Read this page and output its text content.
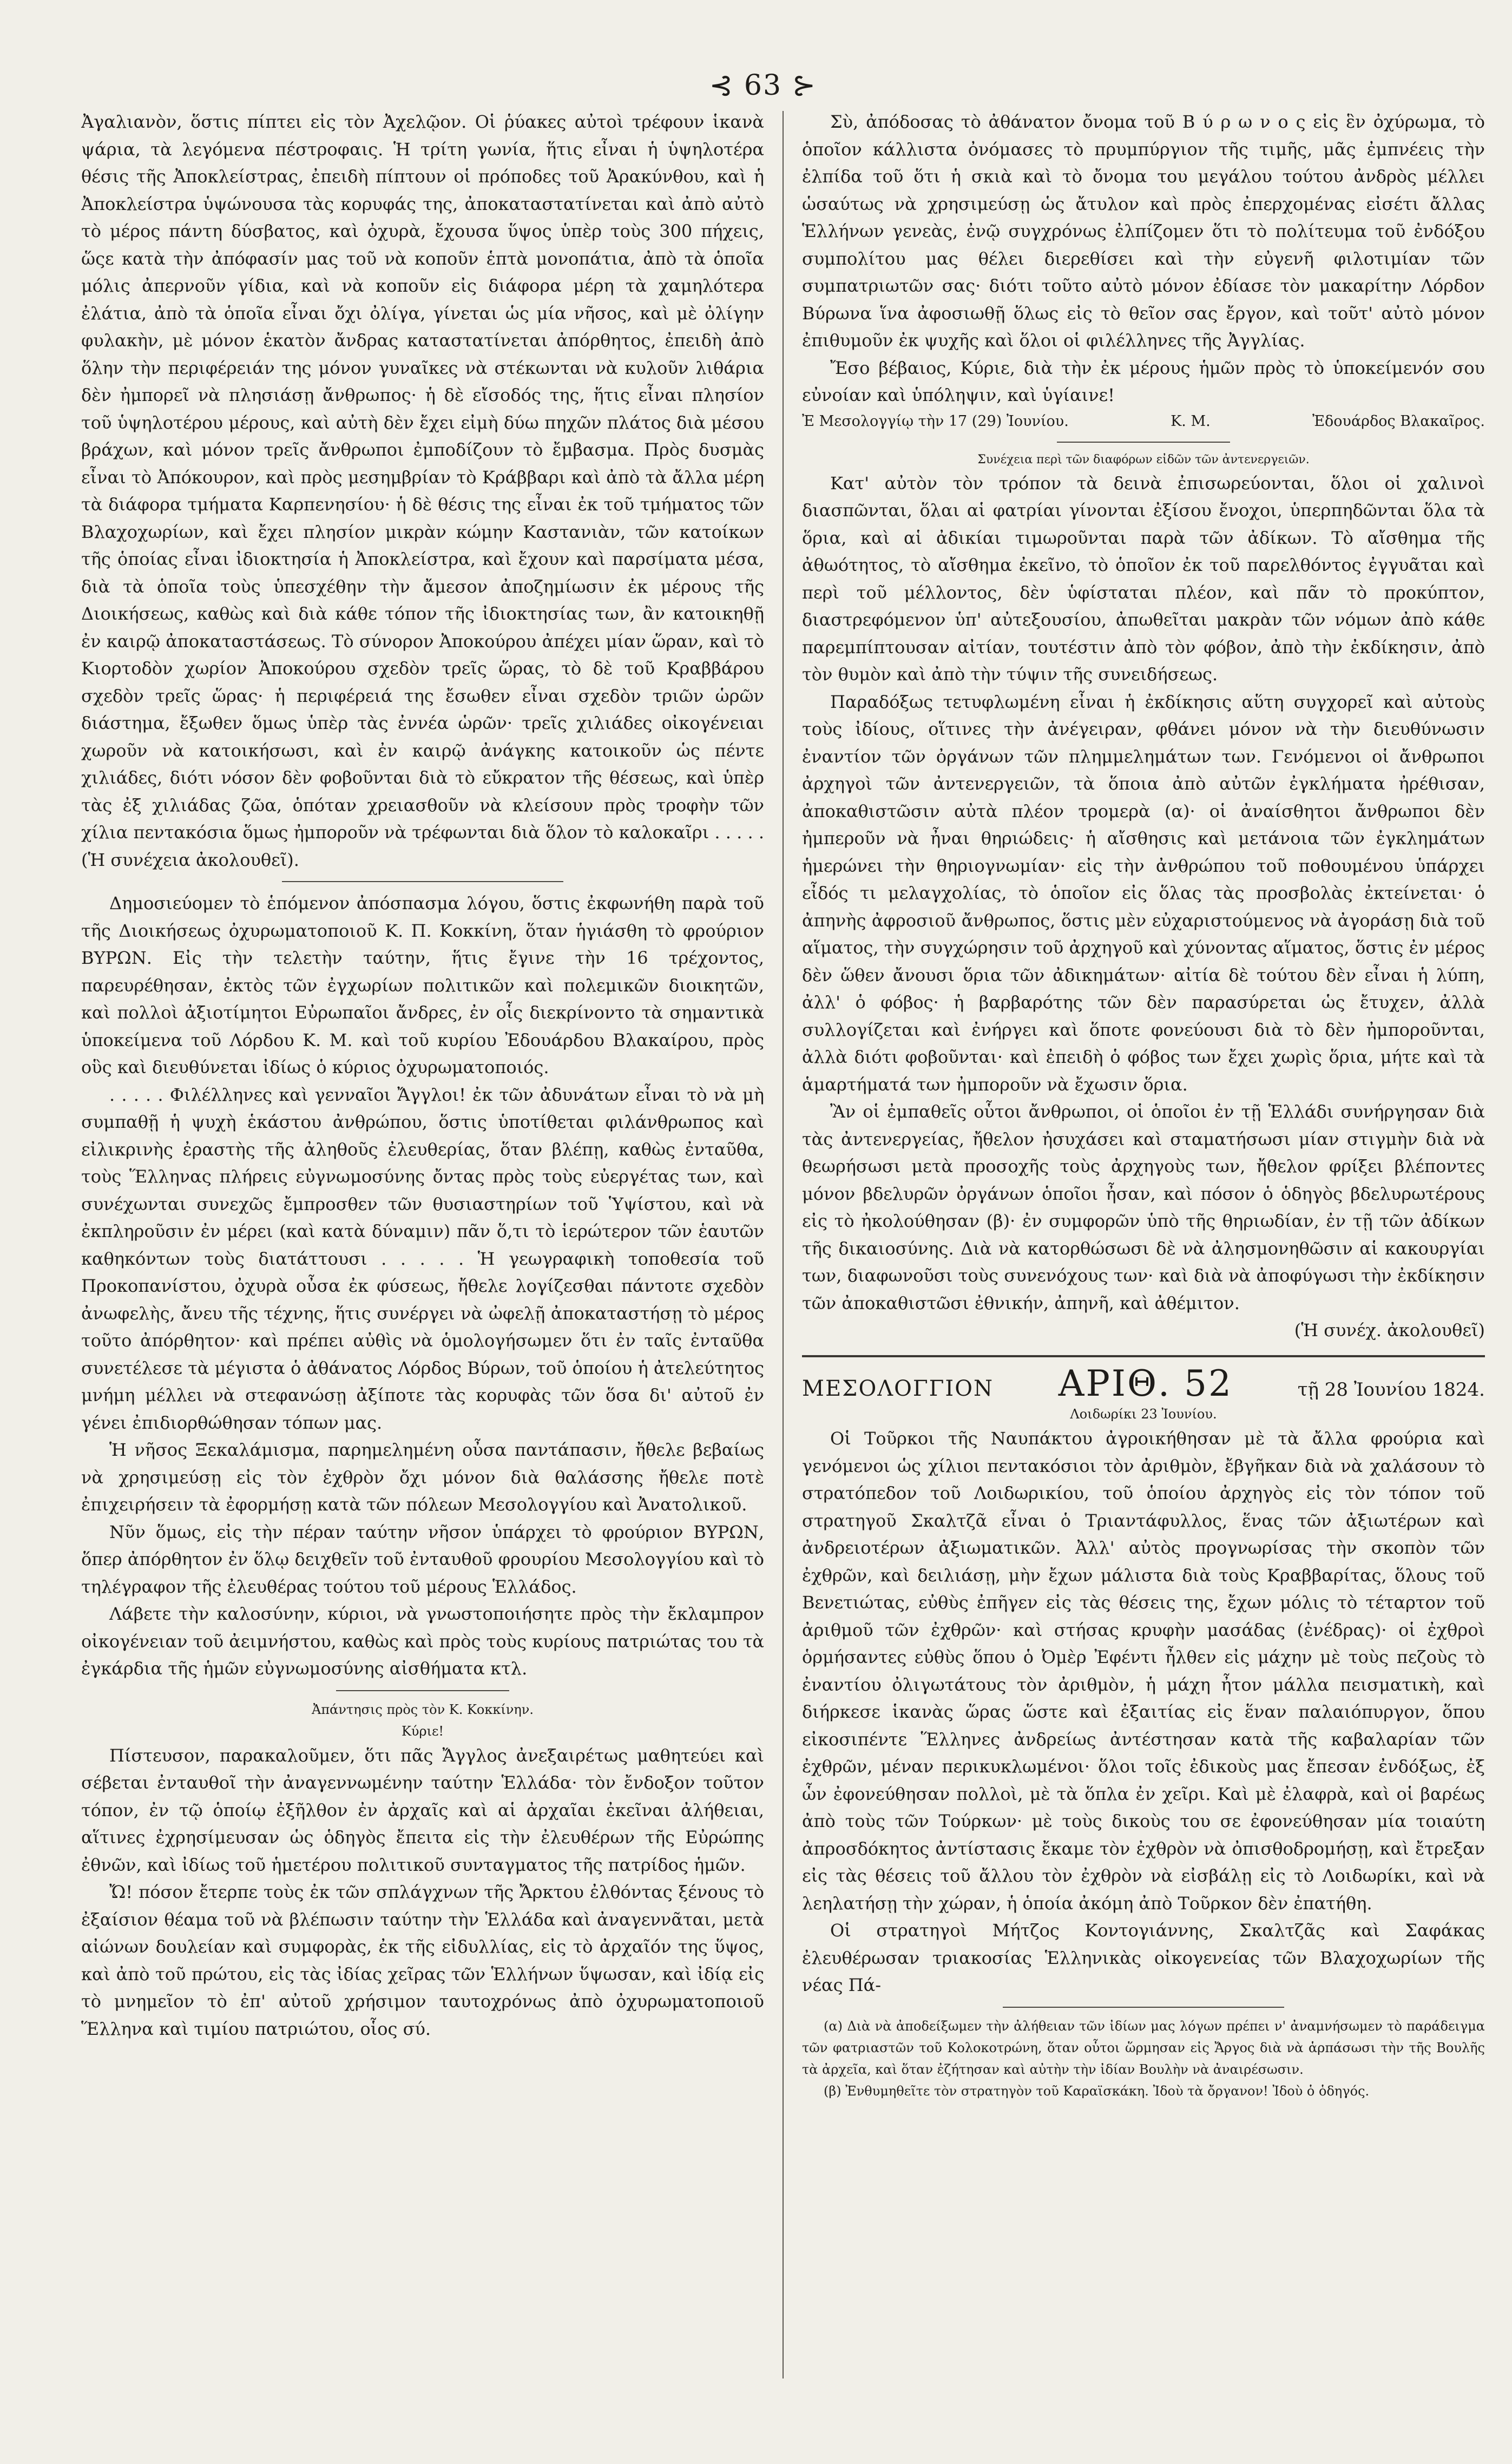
⊰ 63 ⊱

Ἀγαλιανὸν, ὅστις πίπτει εἰς τὸν Ἀχελῷον. Οἱ ῥύακες αὐτοὶ τρέφουν ἱκανὰ ψάρια, τὰ λεγόμενα πέστροφαις. Ἡ τρίτη γωνία, ἥτις εἶναι ἡ ὑψηλοτέρα θέσις τῆς Ἀποκλείστρας, ἐπειδὴ πίπτουν οἱ πρόποδες τοῦ Ἀρακύνθου, καὶ ἡ Ἀποκλείστρα ὑψώνουσα τὰς κορυφάς της, ἀποκαταστατίνεται καὶ ἀπὸ αὐτὸ τὸ μέρος πάντη δύσβατος, καὶ ὀχυρὰ, ἔχουσα ὕψος ὑπὲρ τοὺς 300 πήχεις, ὥςε κατὰ τὴν ἀπόφασίν μας τοῦ νὰ κοποῦν ἑπτὰ μονοπάτια, ἀπὸ τὰ ὁποῖα μόλις ἀπερνοῦν γίδια, καὶ νὰ κοποῦν εἰς διάφορα μέρη τὰ χαμηλότερα ἐλάτια, ἀπὸ τὰ ὁποῖα εἶναι ὄχι ὀλίγα, γίνεται ὡς μία νῆσος, καὶ μὲ ὀλίγην φυλακὴν, μὲ μόνον ἑκατὸν ἄνδρας καταστατίνεται ἀπόρθητος, ἐπειδὴ ἀπὸ ὅλην τὴν περιφέρειάν της μόνον γυναῖκες νὰ στέκωνται νὰ κυλοῦν λιθάρια δὲν ἠμπορεῖ νὰ πλησιάσῃ ἄνθρωπος· ἡ δὲ εἴσοδός της, ἥτις εἶναι πλησίον τοῦ ὑψηλοτέρου μέρους, καὶ αὐτὴ δὲν ἔχει εἰμὴ δύω πηχῶν πλάτος διὰ μέσου βράχων, καὶ μόνον τρεῖς ἄνθρωποι ἐμποδίζουν τὸ ἔμβασμα. Πρὸς δυσμὰς εἶναι τὸ Ἀπόκουρον, καὶ πρὸς μεσημβρίαν τὸ Κράββαρι καὶ ἀπὸ τὰ ἄλλα μέρη τὰ διάφορα τμήματα Καρπενησίου· ἡ δὲ θέσις της εἶναι ἐκ τοῦ τμήματος τῶν Βλαχοχωρίων, καὶ ἔχει πλησίον μικρὰν κώμην Καστανιὰν, τῶν κατοίκων τῆς ὁποίας εἶναι ἰδιοκτησία ἡ Ἀποκλείστρα, καὶ ἔχουν καὶ παρσίματα μέσα, διὰ τὰ ὁποῖα τοὺς ὑπεσχέθην τὴν ἄμεσον ἀποζημίωσιν ἐκ μέρους τῆς Διοικήσεως, καθὼς καὶ διὰ κάθε τόπον τῆς ἰδιοκτησίας των, ἂν κατοικηθῇ ἐν καιρῷ ἀποκαταστάσεως. Τὸ σύνορον Ἀποκούρου ἀπέχει μίαν ὥραν, καὶ τὸ Κιορτοδὸν χωρίον Ἀποκούρου σχεδὸν τρεῖς ὥρας, τὸ δὲ τοῦ Κραββάρου σχεδὸν τρεῖς ὥρας· ἡ περιφέρειά της ἔσωθεν εἶναι σχεδὸν τριῶν ὡρῶν διάστημα, ἔξωθεν ὅμως ὑπὲρ τὰς ἐννέα ὡρῶν· τρεῖς χιλιάδες οἰκογένειαι χωροῦν νὰ κατοικήσωσι, καὶ ἐν καιρῷ ἀνάγκης κατοικοῦν ὡς πέντε χιλιάδες, διότι νόσον δὲν φοβοῦνται διὰ τὸ εὔκρατον τῆς θέσεως, καὶ ὑπὲρ τὰς ἐξ χιλιάδας ζῶα, ὁπόταν χρειασθοῦν νὰ κλείσουν πρὸς τροφὴν τῶν χίλια πεντακόσια ὅμως ἠμποροῦν νὰ τρέφωνται διὰ ὅλον τὸ καλοκαῖρι . . . . . (Ἡ συνέχεια ἀκολουθεῖ).

Δημοσιεύομεν τὸ ἑπόμενον ἀπόσπασμα λόγου, ὅστις ἐκφωνήθη παρὰ τοῦ τῆς Διοικήσεως ὀχυρωματοποιοῦ Κ. Π. Κοκκίνη, ὅταν ἡγιάσθη τὸ φρούριον ΒΥΡΩΝ. Εἰς τὴν τελετὴν ταύτην, ἥτις ἔγινε τὴν 16 τρέχοντος, παρευρέθησαν, ἐκτὸς τῶν ἐγχωρίων πολιτικῶν καὶ πολεμικῶν διοικητῶν, καὶ πολλοὶ ἀξιοτίμητοι Εὐρωπαῖοι ἄνδρες, ἐν οἷς διεκρίνοντο τὰ σημαντικὰ ὑποκείμενα τοῦ Λόρδου Κ. Μ. καὶ τοῦ κυρίου Ἐδουάρδου Βλακαίρου, πρὸς οὓς καὶ διευθύνεται ἰδίως ὁ κύριος ὀχυρωματοποιός.

. . . . . Φιλέλληνες καὶ γενναῖοι Ἄγγλοι! ἐκ τῶν ἀδυνάτων εἶναι τὸ νὰ μὴ συμπαθῇ ἡ ψυχὴ ἑκάστου ἀνθρώπου, ὅστις ὑποτίθεται φιλάνθρωπος καὶ εἰλικρινὴς ἐραστὴς τῆς ἀληθοῦς ἐλευθερίας, ὅταν βλέπῃ, καθὼς ἐνταῦθα, τοὺς Ἕλληνας πλήρεις εὐγνωμοσύνης ὄντας πρὸς τοὺς εὐεργέτας των, καὶ συνέχωνται συνεχῶς ἔμπροσθεν τῶν θυσιαστηρίων τοῦ Ὑψίστου, καὶ νὰ ἐκπληροῦσιν ἐν μέρει (καὶ κατὰ δύναμιν) πᾶν ὅ,τι τὸ ἱερώτερον τῶν ἑαυτῶν καθηκόντων τοὺς διατάττουσι . . . . . Ἡ γεωγραφικὴ τοποθεσία τοῦ Προκοπανίστου, ὀχυρὰ οὖσα ἐκ φύσεως, ἤθελε λογίζεσθαι πάντοτε σχεδὸν ἀνωφελὴς, ἄνευ τῆς τέχνης, ἥτις συνέργει νὰ ὠφελῇ ἀποκαταστήσῃ τὸ μέρος τοῦτο ἀπόρθητον· καὶ πρέπει αὐθὶς νὰ ὁμολογήσωμεν ὅτι ἐν ταῖς ἐνταῦθα συνετέλεσε τὰ μέγιστα ὁ ἀθάνατος Λόρδος Βύρων, τοῦ ὁποίου ἡ ἀτελεύτητος μνήμη μέλλει νὰ στεφανώσῃ ἀξίποτε τὰς κορυφὰς τῶν ὅσα δι' αὐτοῦ ἐν γένει ἐπιδιορθώθησαν τόπων μας.

Ἡ νῆσος Ξεκαλάμισμα, παρημελημένη οὖσα παντάπασιν, ἤθελε βεβαίως νὰ χρησιμεύσῃ εἰς τὸν ἐχθρὸν ὄχι μόνον διὰ θαλάσσης ἤθελε ποτὲ ἐπιχειρήσειν τὰ ἐφορμήσῃ κατὰ τῶν πόλεων Μεσολογγίου καὶ Ἀνατολικοῦ.

Νῦν ὅμως, εἰς τὴν πέραν ταύτην νῆσον ὑπάρχει τὸ φρούριον ΒΥΡΩΝ, ὅπερ ἀπόρθητον ἐν ὅλῳ δειχθεῖν τοῦ ἐνταυθοῦ φρουρίου Μεσολογγίου καὶ τὸ τηλέγραφον τῆς ἐλευθέρας τούτου τοῦ μέρους Ἑλλάδος.

Λάβετε τὴν καλοσύνην, κύριοι, νὰ γνωστοποιήσητε πρὸς τὴν ἔκλαμπρον οἰκογένειαν τοῦ ἀειμνήστου, καθὼς καὶ πρὸς τοὺς κυρίους πατριώτας του τὰ ἐγκάρδια τῆς ἡμῶν εὐγνωμοσύνης αἰσθήματα κτλ.

Ἀπάντησις πρὸς τὸν Κ. Κοκκίνην.

Κύριε!

Πίστευσον, παρακαλοῦμεν, ὅτι πᾶς Ἄγγλος ἀνεξαιρέτως μαθητεύει καὶ σέβεται ἐνταυθοῖ τὴν ἀναγεννωμένην ταύτην Ἑλλάδα· τὸν ἔνδοξον τοῦτον τόπον, ἐν τῷ ὁποίῳ ἐξῆλθον ἐν ἀρχαῖς καὶ αἱ ἀρχαῖαι ἐκεῖναι ἀλήθειαι, αἵτινες ἐχρησίμευσαν ὡς ὁδηγὸς ἔπειτα εἰς τὴν ἐλευθέρων τῆς Εὐρώπης ἐθνῶν, καὶ ἰδίως τοῦ ἡμετέρου πολιτικοῦ συνταγματος τῆς πατρίδος ἡμῶν.

Ὤ! πόσον ἔτερπε τοὺς ἐκ τῶν σπλάγχνων τῆς Ἄρκτου ἐλθόντας ξένους τὸ ἐξαίσιον θέαμα τοῦ νὰ βλέπωσιν ταύτην τὴν Ἑλλάδα καὶ ἀναγεννᾶται, μετὰ αἰώνων δουλείαν καὶ συμφορὰς, ἐκ τῆς εἰδυλλίας, εἰς τὸ ἀρχαῖόν της ὕψος, καὶ ἀπὸ τοῦ πρώτου, εἰς τὰς ἰδίας χεῖρας τῶν Ἑλλήνων ὕψωσαν, καὶ ἰδίᾳ εἰς τὸ μνημεῖον τὸ ἐπ' αὐτοῦ χρήσιμον ταυτοχρόνως ἀπὸ ὀχυρωματοποιοῦ Ἕλληνα καὶ τιμίου πατριώτου, οἷος σύ.

Σὺ, ἀπόδοσας τὸ ἀθάνατον ὄνομα τοῦ Β ύ ρ ω ν ο ς εἰς ἓν ὀχύρωμα, τὸ ὁποῖον κάλλιστα ὀνόμασες τὸ πρυμπύργιον τῆς τιμῆς, μᾶς ἐμπνέεις τὴν ἐλπίδα τοῦ ὅτι ἡ σκιὰ καὶ τὸ ὄνομα του μεγάλου τούτου ἀνδρὸς μέλλει ὡσαύτως νὰ χρησιμεύσῃ ὡς ἄτυλον καὶ πρὸς ἐπερχομένας εἰσέτι ἄλλας Ἑλλήνων γενεὰς, ἐνῷ συγχρόνως ἐλπίζομεν ὅτι τὸ πολίτευμα τοῦ ἐνδόξου συμπολίτου μας θέλει διερεθίσει καὶ τὴν εὐγενῆ φιλοτιμίαν τῶν συμπατριωτῶν σας· διότι τοῦτο αὐτὸ μόνον ἐδίασε τὸν μακαρίτην Λόρδον Βύρωνα ἵνα ἀφοσιωθῇ ὅλως εἰς τὸ θεῖον σας ἔργον, καὶ τοῦτ' αὐτὸ μόνον ἐπιθυμοῦν ἐκ ψυχῆς καὶ ὅλοι οἱ φιλέλληνες τῆς Ἀγγλίας.

Ἔσο βέβαιος, Κύριε, διὰ τὴν ἐκ μέρους ἡμῶν πρὸς τὸ ὑποκείμενόν σου εὐνοίαν καὶ ὑπόληψιν, καὶ ὑγίαινε!

Ἐ Μεσολογγίῳ τὴν 17 (29) Ἰουνίου.	Κ. Μ.	Ἐδουάρδος Βλακαῖρος.

Συνέχεια περὶ τῶν διαφόρων εἰδῶν τῶν ἀντενεργειῶν.

Κατ' αὐτὸν τὸν τρόπον τὰ δεινὰ ἐπισωρεύονται, ὅλοι οἱ χαλινοὶ διασπῶνται, ὅλαι αἱ φατρίαι γίνονται ἐξίσου ἔνοχοι, ὑπερπηδῶνται ὅλα τὰ ὅρια, καὶ αἱ ἀδικίαι τιμωροῦνται παρὰ τῶν ἀδίκων. Τὸ αἴσθημα τῆς ἀθωότητος, τὸ αἴσθημα ἐκεῖνο, τὸ ὁποῖον ἐκ τοῦ παρελθόντος ἐγγυᾶται καὶ περὶ τοῦ μέλλοντος, δὲν ὑφίσταται πλέον, καὶ πᾶν τὸ προκύπτον, διαστρεφόμενον ὑπ' αὐτεξουσίου, ἀπωθεῖται μακρὰν τῶν νόμων ἀπὸ κάθε παρεμπίπτουσαν αἰτίαν, τουτέστιν ἀπὸ τὸν φόβον, ἀπὸ τὴν ἐκδίκησιν, ἀπὸ τὸν θυμὸν καὶ ἀπὸ τὴν τύψιν τῆς συνειδήσεως.

Παραδόξως τετυφλωμένη εἶναι ἡ ἐκδίκησις αὕτη συγχορεῖ καὶ αὐτοὺς τοὺς ἰδίους, οἵτινες τὴν ἀνέγειραν, φθάνει μόνον νὰ τὴν διευθύνωσιν ἐναντίον τῶν ὀργάνων τῶν πλημμελημάτων των. Γενόμενοι οἱ ἄνθρωποι ἀρχηγοὶ τῶν ἀντενεργειῶν, τὰ ὅποια ἀπὸ αὐτῶν ἐγκλήματα ἠρέθισαν, ἀποκαθιστῶσιν αὐτὰ πλέον τρομερὰ (α)· οἱ ἀναίσθητοι ἄνθρωποι δὲν ἠμπεροῦν νὰ ἦναι θηριώδεις· ἡ αἴσθησις καὶ μετάνοια τῶν ἐγκλημάτων ἡμερώνει τὴν θηριογνωμίαν· εἰς τὴν ἀνθρώπου τοῦ ποθουμένου ὑπάρχει εἶδός τι μελαγχολίας, τὸ ὁποῖον εἰς ὅλας τὰς προσβολὰς ἐκτείνεται· ὁ ἀπηνὴς ἀφροσιοῦ ἄνθρωπος, ὅστις μὲν εὐχαριστούμενος νὰ ἀγοράσῃ διὰ τοῦ αἵματος, τὴν συγχώρησιν τοῦ ἀρχηγοῦ καὶ χύνοντας αἵματος, ὅστις ἐν μέρος δὲν ὥθεν ἄνουσι ὅρια τῶν ἀδικημάτων· αἰτία δὲ τούτου δὲν εἶναι ἡ λύπη, ἀλλ' ὁ φόβος· ἡ βαρβαρότης τῶν δὲν παρασύρεται ὡς ἔτυχεν, ἀλλὰ συλλογίζεται καὶ ἐνήργει καὶ ὅποτε φονεύουσι διὰ τὸ δὲν ἠμποροῦνται, ἀλλὰ διότι φοβοῦνται· καὶ ἐπειδὴ ὁ φόβος των ἔχει χωρὶς ὅρια, μήτε καὶ τὰ ἁμαρτήματά των ἠμποροῦν νὰ ἔχωσιν ὅρια.

Ἂν οἱ ἐμπαθεῖς οὗτοι ἄνθρωποι, οἱ ὁποῖοι ἐν τῇ Ἑλλάδι συνήργησαν διὰ τὰς ἀντενεργείας, ἤθελον ἠσυχάσει καὶ σταματήσωσι μίαν στιγμὴν διὰ νὰ θεωρήσωσι μετὰ προσοχῆς τοὺς ἀρχηγοὺς των, ἤθελον φρίξει βλέποντες μόνον βδελυρῶν ὀργάνων ὁποῖοι ἦσαν, καὶ πόσον ὁ ὁδηγὸς βδελυρωτέρους εἰς τὸ ἠκολούθησαν (β)· ἐν συμφορῶν ὑπὸ τῆς θηριωδίαν, ἐν τῇ τῶν ἀδίκων τῆς δικαιοσύνης. Διὰ νὰ κατορθώσωσι δὲ νὰ ἀλησμονηθῶσιν αἱ κακουργίαι των, διαφωνοῦσι τοὺς συνενόχους των· καὶ διὰ νὰ ἀποφύγωσι τὴν ἐκδίκησιν τῶν ἀποκαθιστῶσι ἐθνικήν, ἀπηνῆ, καὶ ἀθέμιτον.

(Ἡ συνέχ. ἀκολουθεῖ)

ΜΕΣΟΛΟΓΓΙΟΝ ΑΡΙΘ. 52	τῇ 28 Ἰουνίου 1824.

Λοιδωρίκι 23 Ἰουνίου.

Οἱ Τοῦρκοι τῆς Ναυπάκτου ἀγροικήθησαν μὲ τὰ ἄλλα φρούρια καὶ γενόμενοι ὡς χίλιοι πεντακόσιοι τὸν ἀριθμὸν, ἔβγῆκαν διὰ νὰ χαλάσουν τὸ στρατόπεδον τοῦ Λοιδωρικίου, τοῦ ὁποίου ἀρχηγὸς εἰς τὸν τόπον τοῦ στρατηγοῦ Σκαλτζᾶ εἶναι ὁ Τριαντάφυλλος, ἕνας τῶν ἀξιωτέρων καὶ ἀνδρειοτέρων ἀξιωματικῶν. Ἀλλ' αὐτὸς προγνωρίσας τὴν σκοπὸν τῶν ἐχθρῶν, καὶ δειλιάσῃ, μὴν ἔχων μάλιστα διὰ τοὺς Κραββαρίτας, ὅλους τοῦ Βενετιώτας, εὐθὺς ἐπῆγεν εἰς τὰς θέσεις της, ἔχων μόλις τὸ τέταρτον τοῦ ἀριθμοῦ τῶν ἐχθρῶν· καὶ στήσας κρυφὴν μασάδας (ἐνέδρας)· οἱ ἐχθροὶ ὁρμήσαντες εὐθὺς ὅπου ὁ Ὀμὲρ Ἐφέντι ἦλθεν εἰς μάχην μὲ τοὺς πεζοὺς τὸ ἐναντίου ὀλιγωτάτους τὸν ἀριθμὸν, ἡ μάχη ἦτον μάλλα πεισματικὴ, καὶ διήρκεσε ἱκανὰς ὥρας ὥστε καὶ ἐξαιτίας εἰς ἕναν παλαιόπυργον, ὅπου εἰκοσιπέντε Ἕλληνες ἀνδρείως ἀντέστησαν κατὰ τῆς καβαλαρίαν τῶν ἐχθρῶν, μέναν περικυκλωμένοι· ὅλοι τοῖς ἐδικοὺς μας ἔπεσαν ἐνδόξως, ἐξ ὧν ἐφονεύθησαν πολλοὶ, μὲ τὰ ὅπλα ἐν χεῖρι. Καὶ μὲ ἐλαφρὰ, καὶ οἱ βαρέως ἀπὸ τοὺς τῶν Τούρκων· μὲ τοὺς δικοὺς του σε ἐφονεύθησαν μία τοιαύτη ἀπροσδόκητος ἀντίστασις ἔκαμε τὸν ἐχθρὸν νὰ ὀπισθοδρομήσῃ, καὶ ἔτρεξαν εἰς τὰς θέσεις τοῦ ἄλλου τὸν ἐχθρὸν νὰ εἰσβάλῃ εἰς τὸ Λοιδωρίκι, καὶ νὰ λεηλατήσῃ τὴν χώραν, ἡ ὁποία ἀκόμη ἀπὸ Τοῦρκον δὲν ἐπατήθη.

Οἱ στρατηγοὶ Μήτζος Κοντογιάννης, Σκαλτζᾶς καὶ Σαφάκας ἐλευθέρωσαν τριακοσίας Ἑλληνικὰς οἰκογενείας τῶν Βλαχοχωρίων τῆς νέας Πά-

(α) Διὰ νὰ ἀποδείξωμεν τὴν ἀλήθειαν τῶν ἰδίων μας λόγων πρέπει ν' ἀναμνήσωμεν τὸ παράδειγμα τῶν φατριαστῶν τοῦ Κολοκοτρώνη, ὅταν οὗτοι ὥρμησαν εἰς Ἄργος διὰ νὰ ἁρπάσωσι τὴν τῆς Βουλῆς τὰ ἀρχεῖα, καὶ ὅταν ἐζήτησαν καὶ αὐτὴν τὴν ἰδίαν Βουλὴν νὰ ἀναιρέσωσιν.

(β) Ἐνθυμηθεῖτε τὸν στρατηγὸν τοῦ Καραϊσκάκη. Ἰδοὺ τὰ ὄργανον! Ἰδοὺ ὁ ὁδηγός.
